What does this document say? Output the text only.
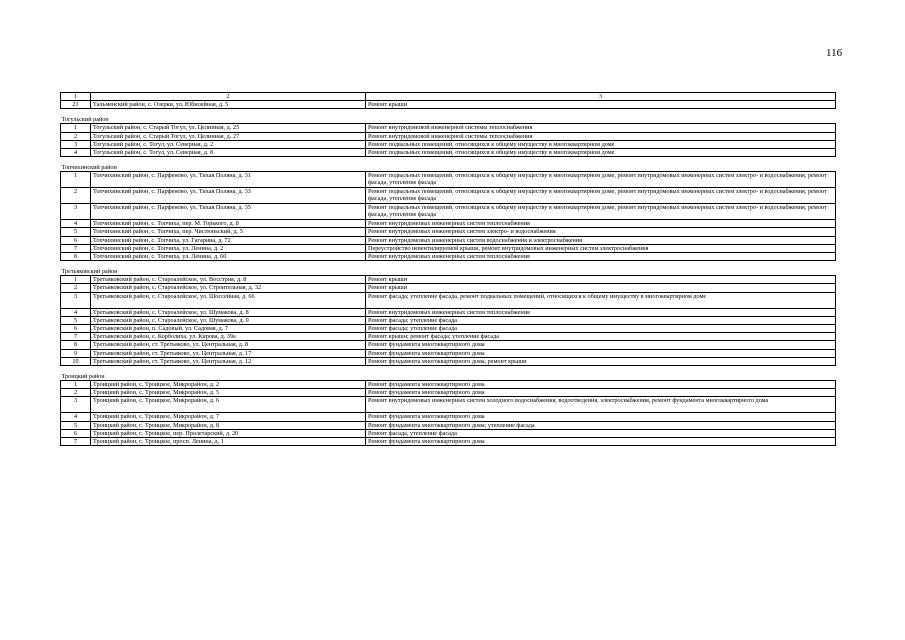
116
1	2	3
21	Тальменский район, с. Озерки, ул. Юбилейная, д. 5	Ремонт крыши

Тогульский район		
1	Тогульский район, с. Старый Тогул, ул. Целинная, д. 25	Ремонт внутридомовой инженерной системы теплоснабжения
2	Тогульский район, с. Старый Тогул, ул. Целинная, д. 27	Ремонт внутридомовой инженерной системы теплоснабжения
3	Тогульский район, с. Тогул, ул. Северная, д. 2	Ремонт подвальных помещений, относящихся к общему имуществу в многоквартирном доме
4	Тогульский район, с. Тогул, ул. Северная, д. 8	Ремонт подвальных помещений, относящихся к общему имуществу в многоквартирном доме

Топчихинский район		
1	Топчихинский район, с. Парфеново, ул. Тихая Поляна, д. 31	Ремонт подвальных помещений, относящихся к общему имуществу в многоквартирном доме, ремонт внутридомовых инженерных систем электро- и водоснабжения, ремонт фасада, утепление фасада
2	Топчихинский район, с. Парфеново, ул. Тихая Поляна, д. 33	Ремонт подвальных помещений, относящихся к общему имуществу в многоквартирном доме, ремонт внутридомовых инженерных систем электро- и водоснабжения, ремонт фасада, утепление фасада
3	Топчихинский район, с. Парфеново, ул. Тихая Поляна, д. 35	Ремонт подвальных помещений, относящихся к общему имуществу в многоквартирном доме, ремонт внутридомовых инженерных систем электро- и водоснабжения, ремонт фасада, утепление фасада
4	Топчихинский район, с. Топчиха, пер. М. Горького, д. 8	Ремонт внутридомовых инженерных систем теплоснабжения
5	Топчихинский район, с. Топчиха, пер. Чистюньский, д. 5	Ремонт внутридомовых инженерных систем электро- и водоснабжения
6	Топчихинский район, с. Топчиха, ул. Гагарина, д. 72	Ремонт внутридомовых инженерных систем водоснабжения и электроснабжения
7	Топчихинский район, с. Топчиха, ул. Ленина, д. 2	Переустройство невентилируемой крыши, ремонт внутридомовых инженерных систем электроснабжения
8	Топчихинский район, с. Топчиха, ул. Ленина, д. 60	Ремонт внутридомовых инженерных систем теплоснабжения

Третьяковский район		
1	Третьяковский район, с. Староалейское, ул. Восстрия, д. 8	Ремонт крыши
2	Третьяковский район, с. Староалейское, ул. Строительная, д. 32	Ремонт крыши
3	Третьяковский район, с. Староалейское, ул. Шоссейная, д. 66	Ремонт фасада; утепление фасада, ремонт подвальных помещений, относящихся к общему имуществу в многоквартирном доме
4	Третьяковский район, с. Староалейское, ул. Шумакова, д. 8	Ремонт внутридомовых инженерных систем теплоснабжения
5	Третьяковский район, с. Староалейское, ул. Шумакова, д. 9	Ремонт фасада; утепление фасада
6	Третьяковский район, п. Садовый, ул. Садовая, д. 7	Ремонт фасада; утепление фасада
7	Третьяковский район, с. Корболиха, ул. Кирова, д. 39а	Ремонт крыши; ремонт фасада; утепление фасада
8	Третьяковский район, ст. Третьяково, ул. Центральная, д. 8	Ремонт фундамента многоквартирного дома
9	Третьяковский район, ст. Третьяково, ул. Центральная, д. 17	Ремонт фундамента многоквартирного дома
10	Третьяковский район, ст. Третьяково, ул. Центральная, д. 12	Ремонт фундамента многоквартирного дома, ремонт крыши

Троицкий район		
1	Троицкий район, с. Троицкое, Микрорайон, д. 2	Ремонт фундамента многоквартирного дома
2	Троицкий район, с. Троицкое, Микрорайон, д. 5	Ремонт фундамента многоквартирного дома
3	Троицкий район, с. Троицкое, Микрорайон, д. 6	Ремонт внутридомовых инженерных систем холодного водоснабжения, водоотведения, электроснабжения, ремонт фундамента многоквартирного дома
4	Троицкий район, с. Троицкое, Микрорайон, д. 7	Ремонт фундамента многоквартирного дома
5	Троицкий район, с. Троицкое, Микрорайон, д. 8	Ремонт фундамента многоквартирного дома; утепление фасада
6	Троицкий район, с. Троицкое, пер. Пролетарский, д. 20	Ремонт фасада, утепление фасада
7	Троицкий район, с. Троицкое, просп. Ленина, д. 1	Ремонт фундамента многоквартирного дома
